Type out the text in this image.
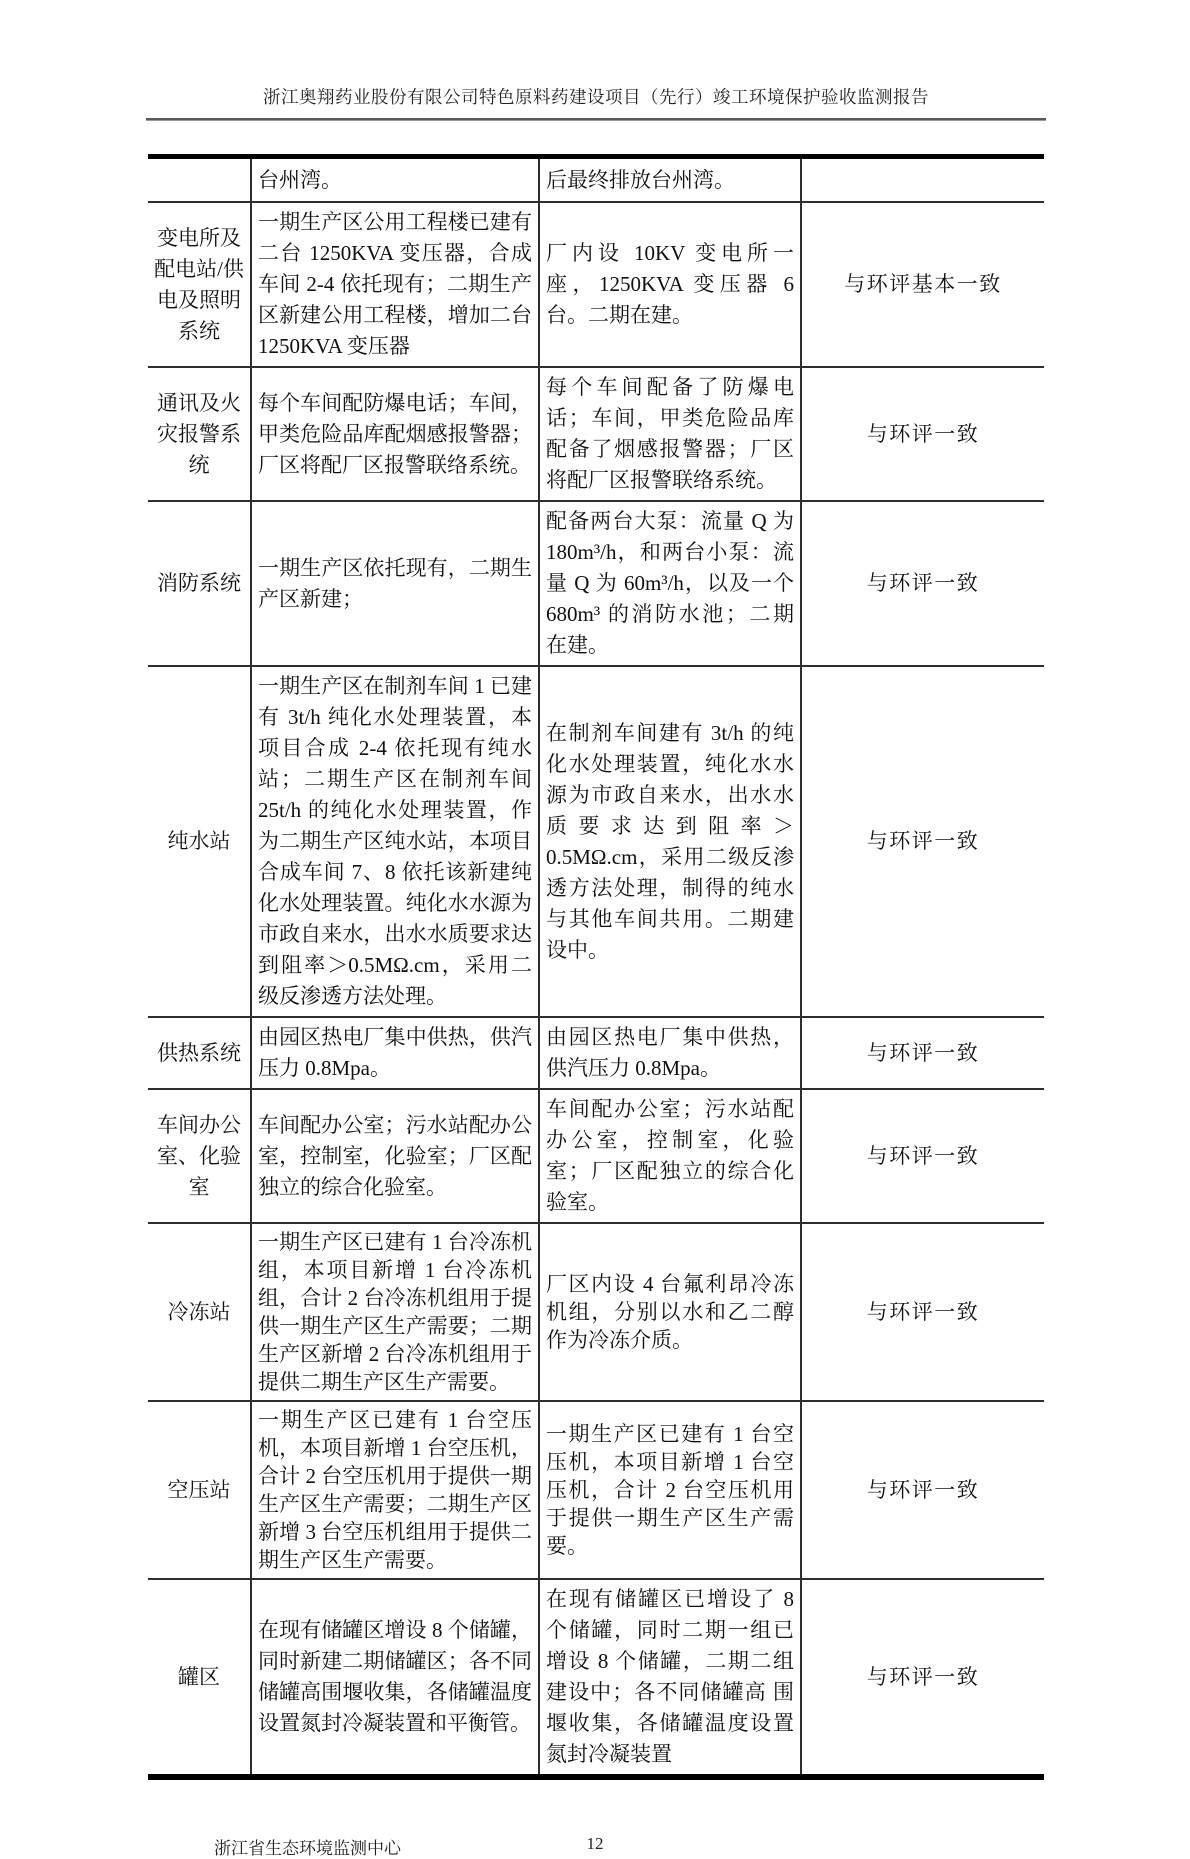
浙江奥翔药业股份有限公司特色原料药建设项目（先行）竣工环境保护验收监测报告
台州湾。	后最终排放台州湾。
变电所及配电站/供电及照明系统
一期生产区公用工程楼已建有二台 1250KVA 变压器，合成车间 2-4 依托现有；二期生产区新建公用工程楼，增加二台 1250KVA 变压器
厂内设 10KV 变电所一座，1250KVA 变压器 6 台。二期在建。
与环评基本一致
通讯及火灾报警系统
每个车间配防爆电话；车间，甲类危险品库配烟感报警器；厂区将配厂区报警联络系统。
每个车间配备了防爆电话；车间，甲类危险品库配备了烟感报警器；厂区将配厂区报警联络系统。
与环评一致
消防系统
一期生产区依托现有，二期生产区新建；
配备两台大泵：流量 Q 为 180m³/h，和两台小泵：流量 Q 为 60m³/h，以及一个 680m³ 的消防水池；二期在建。
与环评一致
纯水站
一期生产区在制剂车间 1 已建有 3t/h 纯化水处理装置，本项目合成 2-4 依托现有纯水站；二期生产区在制剂车间 25t/h 的纯化水处理装置，作为二期生产区纯水站，本项目合成车间 7、8 依托该新建纯化水处理装置。纯化水水源为市政自来水，出水水质要求达到阻率＞0.5MΩ.cm，采用二级反渗透方法处理。
在制剂车间建有 3t/h 的纯化水处理装置，纯化水水源为市政自来水，出水水质要求达到阻率＞0.5MΩ.cm，采用二级反渗透方法处理，制得的纯水与其他车间共用。二期建设中。
与环评一致
供热系统
由园区热电厂集中供热，供汽压力 0.8Mpa。
由园区热电厂集中供热，供汽压力 0.8Mpa。
与环评一致
车间办公室、化验室
车间配办公室；污水站配办公室，控制室，化验室；厂区配独立的综合化验室。
车间配办公室；污水站配办公室，控制室，化验室；厂区配独立的综合化验室。
与环评一致
冷冻站
一期生产区已建有 1 台冷冻机组，本项目新增 1 台冷冻机组，合计 2 台冷冻机组用于提供一期生产区生产需要；二期生产区新增 2 台冷冻机组用于提供二期生产区生产需要。
厂区内设 4 台氟利昂冷冻机组，分别以水和乙二醇作为冷冻介质。
与环评一致
空压站
一期生产区已建有 1 台空压机，本项目新增 1 台空压机，合计 2 台空压机用于提供一期生产区生产需要；二期生产区新增 3 台空压机组用于提供二期生产区生产需要。
一期生产区已建有 1 台空压机，本项目新增 1 台空压机，合计 2 台空压机用于提供一期生产区生产需要。
与环评一致
罐区
在现有储罐区增设 8 个储罐，同时新建二期储罐区；各不同储罐高围堰收集，各储罐温度设置氮封冷凝装置和平衡管。
在现有储罐区已增设了 8 个储罐，同时二期一组已增设 8 个储罐，二期二组建设中；各不同储罐高 围堰收集，各储罐温度设置氮封冷凝装置
与环评一致
浙江省生态环境监测中心	12
